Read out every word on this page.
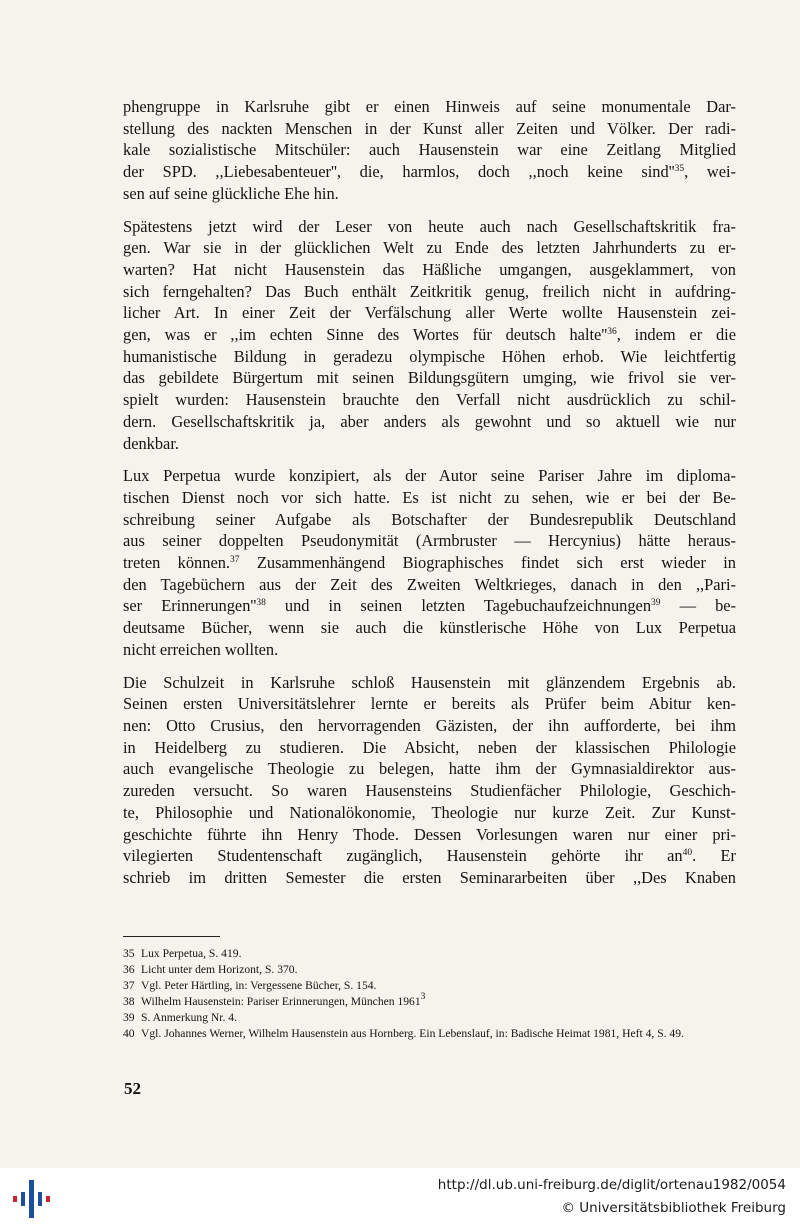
phengruppe in Karlsruhe gibt er einen Hinweis auf seine monumentale Dar-
stellung des nackten Menschen in der Kunst aller Zeiten und Völker. Der radi-
kale sozialistische Mitschüler: auch Hausenstein war eine Zeitlang Mitglied
der SPD. ,,Liebesabenteuer'', die, harmlos, doch ,,noch keine $\sin d''^{35}$, wei-
sen auf seine glückliche Ehe hin.

Spätestens jetzt wird der Leser von heute auch nach Gesellschaftskritik fra-
gen. War sie in der glücklichen Welt zu Ende des letzten Jahrhunderts zu er-
warten? Hat nicht Hausenstein das Häßliche umgangen, ausgeklammert, von
sich ferngehalten? Das Buch enthält Zeitkritik genug, freilich nicht in aufdring-
licher Art. In einer Zeit der Verfälschung aller Werte wollte Hausenstein zei-
gen, was er ,,im echten Sinne des Wortes für deutsch $halte''^{36}$, indem er die
humanistische Bildung in geradezu olympische Höhen erhob. Wie leichtfertig
das gebildete Bürgertum mit seinen Bildungsgütern umging, wie frivol sie ver-
spielt wurden: Hausenstein brauchte den Verfall nicht ausdrücklich zu schil-
dern. Gesellschaftskritik ja, aber anders als gewohnt und so aktuell wie nur
denkbar.

Lux Perpetua wurde konzipiert, als der Autor seine Pariser Jahre im diploma-
tischen Dienst noch vor sich hatte. Es ist nicht zu sehen, wie er bei der Be-
schreibung seiner Aufgabe als Botschafter der Bundesrepublik Deutschland
aus seiner doppelten Pseudonymität (Armbruster — Hercynius) hätte heraus-
treten können.$^{37}$ Zusammenhängend Biographisches findet sich erst wieder in
den Tagebüchern aus der Zeit des Zweiten Weltkrieges, danach in den ,,Pari-
ser $Erinnerungen''^{38}$ und in seinen letzten Tagebuchaufzeichnungen$^{39}$ — be-
deutsame Bücher, wenn sie auch die künstlerische Höhe von Lux Perpetua
nicht erreichen wollten.

Die Schulzeit in Karlsruhe schloß Hausenstein mit glänzendem Ergebnis ab.
Seinen ersten Universitätslehrer lernte er bereits als Prüfer beim Abitur ken-
nen: Otto Crusius, den hervorragenden Gäzisten, der ihn aufforderte, bei ihm
in Heidelberg zu studieren. Die Absicht, neben der klassischen Philologie
auch evangelische Theologie zu belegen, hatte ihm der Gymnasialdirektor aus-
zureden versucht. So waren Hausensteins Studienfächer Philologie, Geschich-
te, Philosophie und Nationalökonomie, Theologie nur kurze Zeit. Zur Kunst-
geschichte führte ihn Henry Thode. Dessen Vorlesungen waren nur einer pri-
vilegierten Studentenschaft zugänglich, Hausenstein gehörte ihr $an^{40}$. Er
schrieb im dritten Semester die ersten Seminararbeiten über ,,Des Knaben

35 Lux Perpetua, S. 419.
36 Licht unter dem Horizont, S. 370.
37 Vgl. Peter Härtling, in: Vergessene Bücher, S. 154.
38 Wilhelm Hausenstein: Pariser Erinnerungen, München 1961$^3$
39 S. Anmerkung Nr. 4.
40 Vgl. Johannes Werner, Wilhelm Hausenstein aus Hornberg. Ein Lebenslauf, in: Badische Heimat 1981, Heft 4, S. 49.
52
http://dl.ub.uni-freiburg.de/diglit/ortenau1982/0054
© Universitätsbibliothek Freiburg
